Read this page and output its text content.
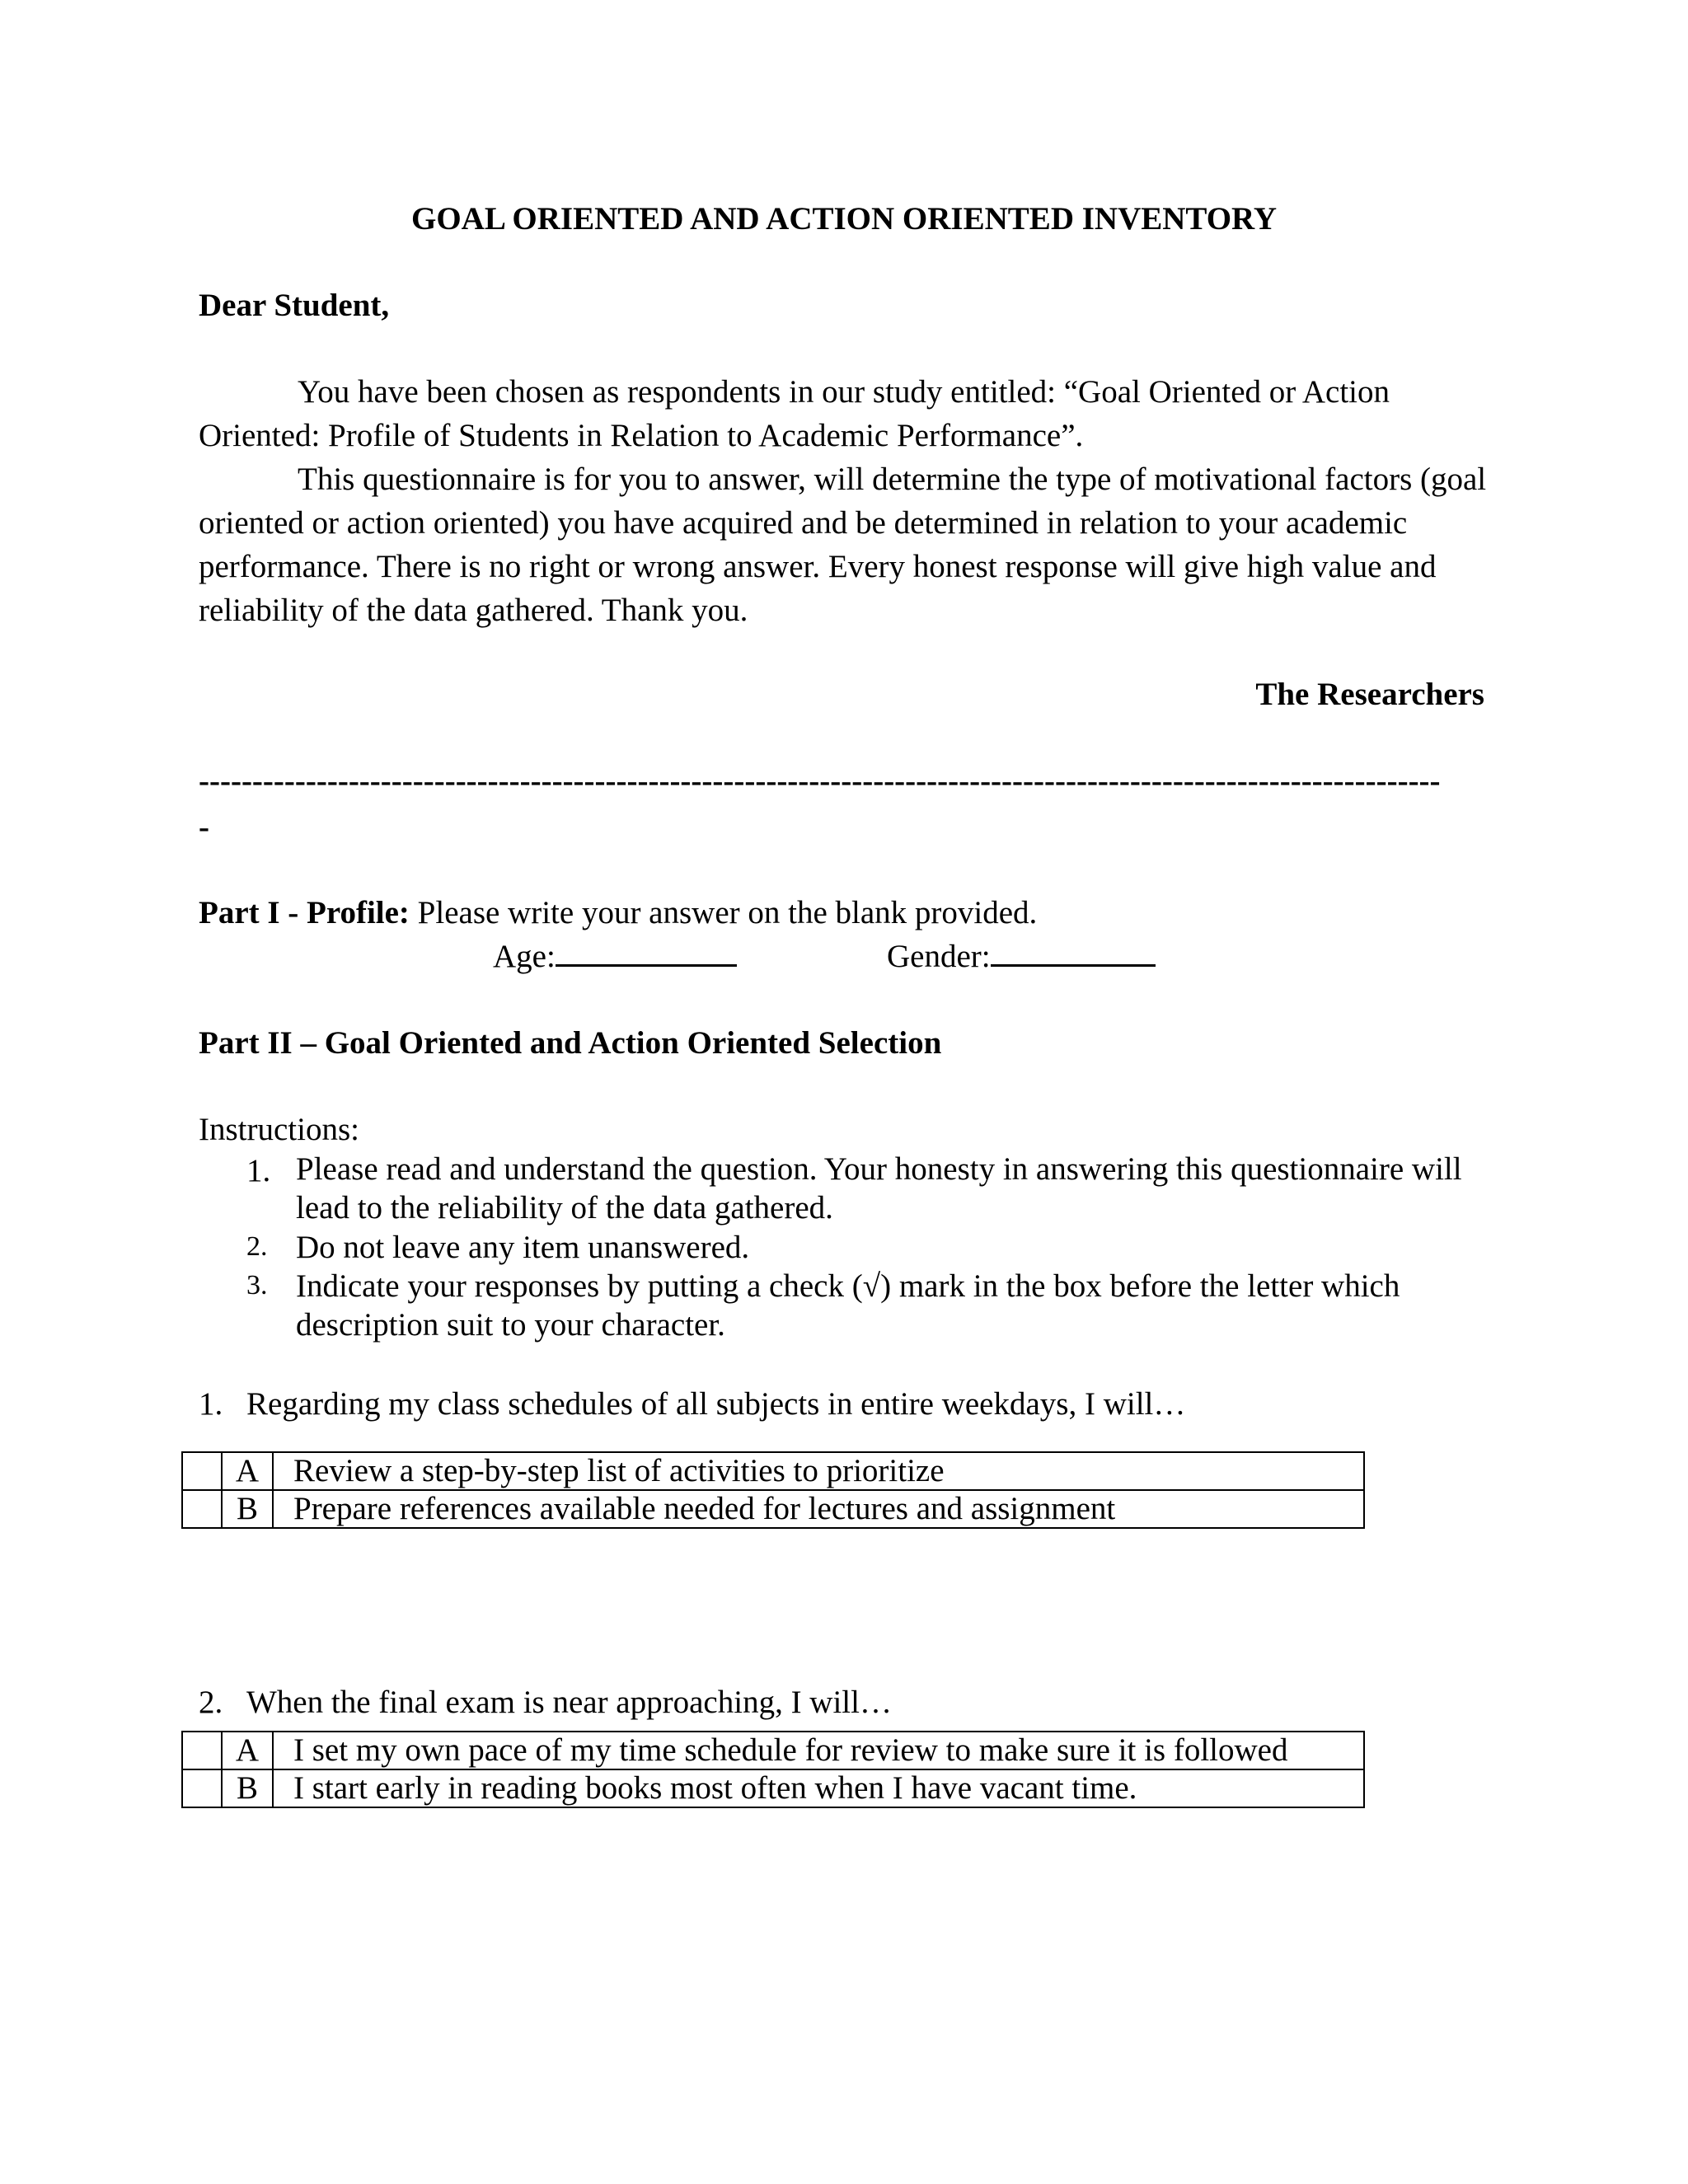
GOAL ORIENTED AND ACTION ORIENTED INVENTORY
Dear Student,

You have been chosen as respondents in our study entitled: “Goal Oriented or Action Oriented: Profile of Students in Relation to Academic Performance”.

This questionnaire is for you to answer, will determine the type of motivational factors (goal oriented or action oriented) you have acquired and be determined in relation to your academic performance. There is no right or wrong answer. Every honest response will give high value and reliability of the data gathered. Thank you.

The Researchers
--------------------------------------------------------------------------------------------------------------------
-
Part I - Profile: Please write your answer on the blank provided.
Age:	Gender:
Part II – Goal Oriented and Action Oriented Selection
Instructions:
1. Please read and understand the question. Your honesty in answering this questionnaire will lead to the reliability of the data gathered.
2. Do not leave any item unanswered.
3. Indicate your responses by putting a check (√) mark in the box before the letter which description suit to your character.
1. Regarding my class schedules of all subjects in entire weekdays, I will…
	A	Review a step-by-step list of activities to prioritize
	B	Prepare references available needed for lectures and assignment
2. When the final exam is near approaching, I will…
	A	I set my own pace of my time schedule for review to make sure it is followed
	B	I start early in reading books most often when I have vacant time.
